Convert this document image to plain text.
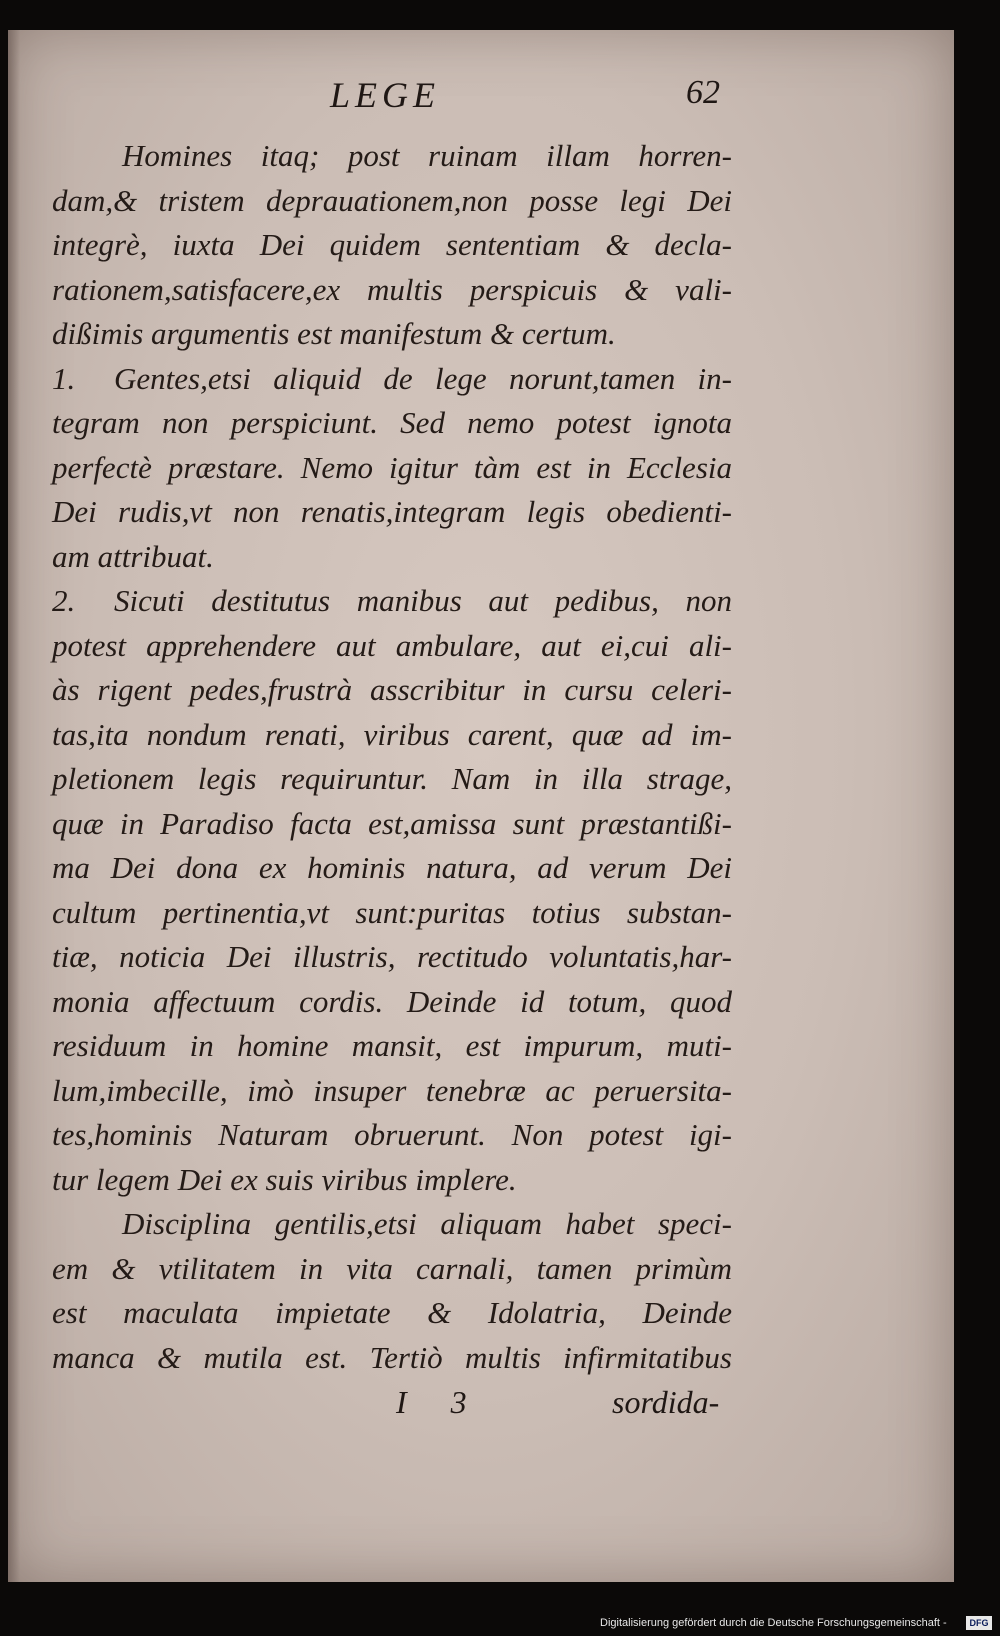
LEGE	62
Homines itaq; post ruinam illam horren-
dam,& tristem deprauationem,non posse legi Dei
integrè, iuxta Dei quidem sententiam & decla-
rationem,satisfacere,ex multis perspicuis & vali-
dißimis argumentis est manifestum & certum.
1. Gentes,etsi aliquid de lege norunt,tamen in-
tegram non perspiciunt. Sed nemo potest ignota
perfectè præstare. Nemo igitur tàm est in Ecclesia
Dei rudis,vt non renatis,integram legis obedienti-
am attribuat.
2. Sicuti destitutus manibus aut pedibus, non
potest apprehendere aut ambulare, aut ei,cui ali-
às rigent pedes,frustrà asscribitur in cursu celeri-
tas,ita nondum renati, viribus carent, quæ ad im-
pletionem legis requiruntur. Nam in illa strage,
quæ in Paradiso facta est,amissa sunt præstantißi-
ma Dei dona ex hominis natura, ad verum Dei
cultum pertinentia,vt sunt:puritas totius substan-
tiæ, noticia Dei illustris, rectitudo voluntatis,har-
monia affectuum cordis. Deinde id totum, quod
residuum in homine mansit, est impurum, muti-
lum,imbecille, imò insuper tenebræ ac peruersita-
tes,hominis Naturam obruerunt. Non potest igi-
tur legem Dei ex suis viribus implere.
Disciplina gentilis,etsi aliquam habet speci-
em & vtilitatem in vita carnali, tamen primùm
est maculata impietate & Idolatria, Deinde
manca & mutila est. Tertiò multis infirmitatibus
I 3	sordida-
Digitalisierung gefördert durch die Deutsche Forschungsgemeinschaft -	DFG
